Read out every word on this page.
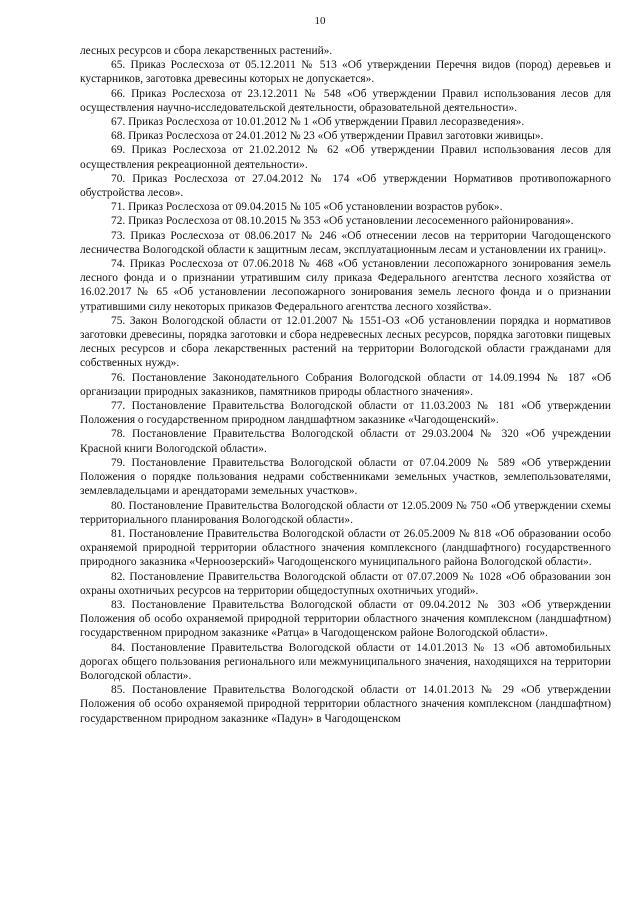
10

лесных ресурсов и сбора лекарственных растений».

65. Приказ Рослесхоза от 05.12.2011 № 513 «Об утверждении Перечня видов (пород) деревьев и кустарников, заготовка древесины которых не допускается».

66. Приказ Рослесхоза от 23.12.2011 № 548 «Об утверждении Правил использования лесов для осуществления научно-исследовательской деятельности, образовательной деятельности».

67. Приказ Рослесхоза от 10.01.2012 № 1 «Об утверждении Правил лесоразведения».

68. Приказ Рослесхоза от 24.01.2012 № 23 «Об утверждении Правил заготовки живицы».

69. Приказ Рослесхоза от 21.02.2012 № 62 «Об утверждении Правил использования лесов для осуществления рекреационной деятельности».

70. Приказ Рослесхоза от 27.04.2012 № 174 «Об утверждении Нормативов противопожарного обустройства лесов».

71. Приказ Рослесхоза от 09.04.2015 № 105 «Об установлении возрастов рубок».

72. Приказ Рослесхоза от 08.10.2015 № 353 «Об установлении лесосеменного районирования».

73. Приказ Рослесхоза от 08.06.2017 № 246 «Об отнесении лесов на территории Чагодощенского лесничества Вологодской области к защитным лесам, эксплуатационным лесам и установлении их границ».

74. Приказ Рослесхоза от 07.06.2018 № 468 «Об установлении лесопожарного зонирования земель лесного фонда и о признании утратившим силу приказа Федерального агентства лесного хозяйства от 16.02.2017 № 65 «Об установлении лесопожарного зонирования земель лесного фонда и о признании утратившими силу некоторых приказов Федерального агентства лесного хозяйства».

75. Закон Вологодской области от 12.01.2007 № 1551-ОЗ «Об установлении порядка и нормативов заготовки древесины, порядка заготовки и сбора недревесных лесных ресурсов, порядка заготовки пищевых лесных ресурсов и сбора лекарственных растений на территории Вологодской области гражданами для собственных нужд».

76. Постановление Законодательного Собрания Вологодской области от 14.09.1994 № 187 «Об организации природных заказников, памятников природы областного значения».

77. Постановление Правительства Вологодской области от 11.03.2003 № 181 «Об утверждении Положения о государственном природном ландшафтном заказнике «Чагодощенский».

78. Постановление Правительства Вологодской области от 29.03.2004 № 320 «Об учреждении Красной книги Вологодской области».

79. Постановление Правительства Вологодской области от 07.04.2009 № 589 «Об утверждении Положения о порядке пользования недрами собственниками земельных участков, землепользователями, землевладельцами и арендаторами земельных участков».

80. Постановление Правительства Вологодской области от 12.05.2009 № 750 «Об утверждении схемы территориального планирования Вологодской области».

81. Постановление Правительства Вологодской области от 26.05.2009 № 818 «Об образовании особо охраняемой природной территории областного значения комплексного (ландшафтного) государственного природного заказника «Черноозерский» Чагодощенского муниципального района Вологодской области».

82. Постановление Правительства Вологодской области от 07.07.2009 № 1028 «Об образовании зон охраны охотничьих ресурсов на территории общедоступных охотничьих угодий».

83. Постановление Правительства Вологодской области от 09.04.2012 № 303 «Об утверждении Положения об особо охраняемой природной территории областного значения комплексном (ландшафтном) государственном природном заказнике «Ратца» в Чагодощенском районе Вологодской области».

84. Постановление Правительства Вологодской области от 14.01.2013 № 13 «Об автомобильных дорогах общего пользования регионального или межмуниципального значения, находящихся на территории Вологодской области».

85. Постановление Правительства Вологодской области от 14.01.2013 № 29 «Об утверждении Положения об особо охраняемой природной территории областного значения комплексном (ландшафтном) государственном природном заказнике «Падун» в Чагодощенском
